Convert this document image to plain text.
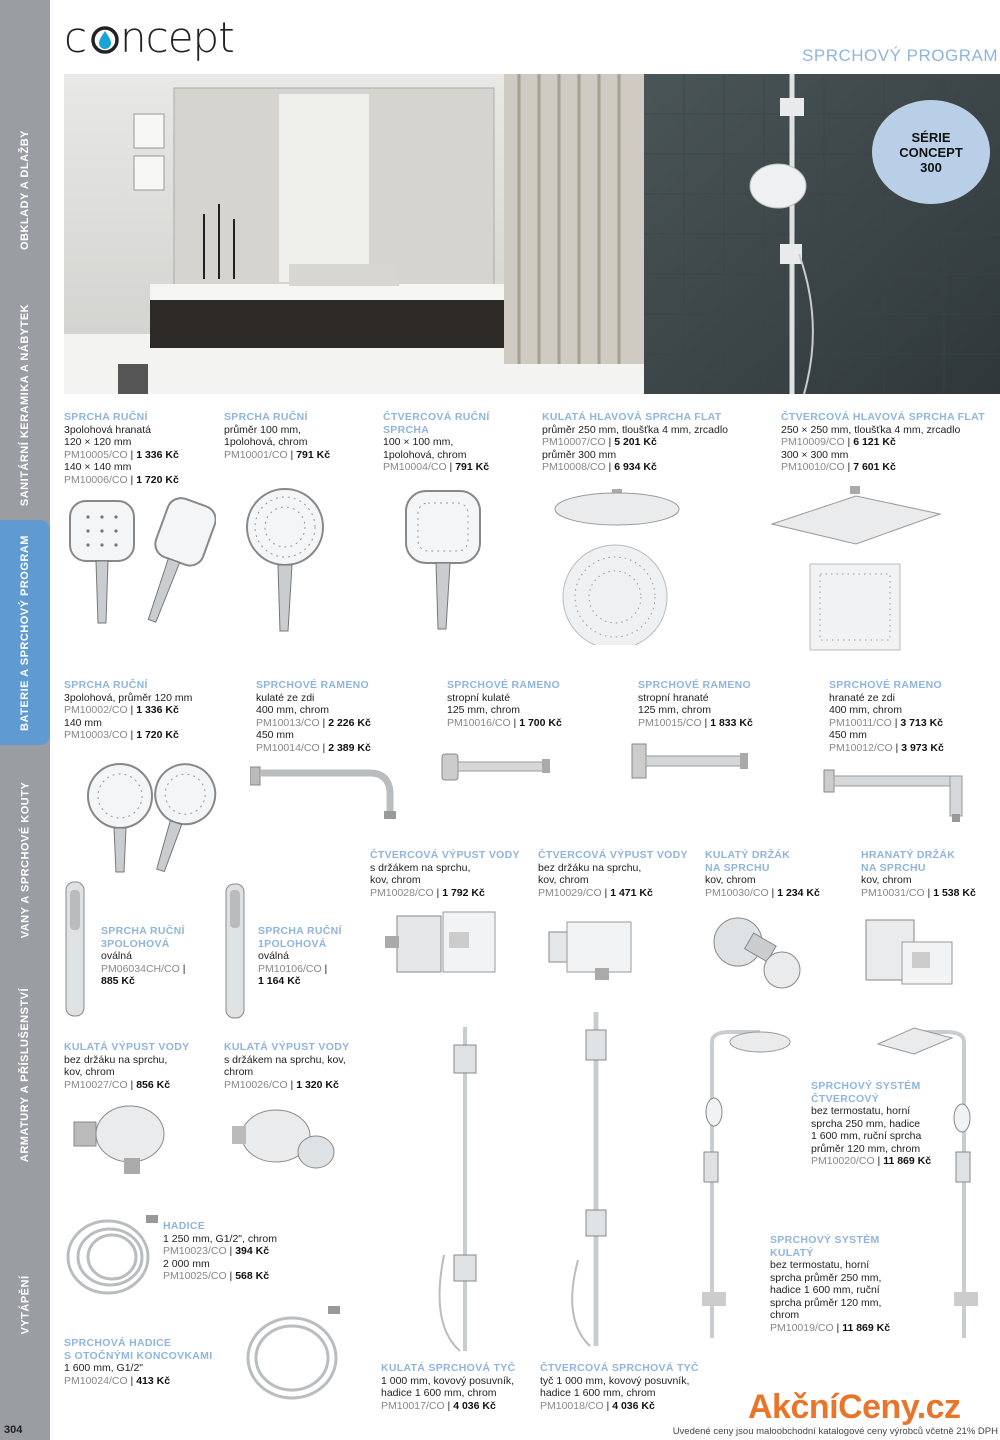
OBKLADY A DLAŽBY
SANITÁRNÍ KERAMIKA A NÁBYTEK
BATERIE A SPRCHOVÝ PROGRAM
VANY A SPRCHOVÉ KOUTY
ARMATURY A PŘÍSLUŠENSTVÍ
VYTÁPĚNÍ
c ncept	SPRCHOVÝ PROGRAM
SÉRIE
CONCEPT
300
SPRCHA RUČNÍ
3polohová hranatá
120 × 120 mm
PM10005/CO | 1 336 Kč
140 × 140 mm
PM10006/CO | 1 720 Kč
SPRCHA RUČNÍ
průměr 100 mm,
1polohová, chrom
PM10001/CO | 791 Kč
ČTVERCOVÁ RUČNÍ
SPRCHA
100 × 100 mm,
1polohová, chrom
PM10004/CO | 791 Kč
KULATÁ HLAVOVÁ SPRCHA FLAT
průměr 250 mm, tloušťka 4 mm, zrcadlo
PM10007/CO | 5 201 Kč
průměr 300 mm
PM10008/CO | 6 934 Kč
ČTVERCOVÁ HLAVOVÁ SPRCHA FLAT
250 × 250 mm, tloušťka 4 mm, zrcadlo
PM10009/CO | 6 121 Kč
300 × 300 mm
PM10010/CO | 7 601 Kč
SPRCHA RUČNÍ
3polohová, průměr 120 mm
PM10002/CO | 1 336 Kč
140 mm
PM10003/CO | 1 720 Kč
SPRCHOVÉ RAMENO
kulaté ze zdi
400 mm, chrom
PM10013/CO | 2 226 Kč
450 mm
PM10014/CO | 2 389 Kč
SPRCHOVÉ RAMENO
stropní kulaté
125 mm, chrom
PM10016/CO | 1 700 Kč
SPRCHOVÉ RAMENO
stropní hranaté
125 mm, chrom
PM10015/CO | 1 833 Kč
SPRCHOVÉ RAMENO
hranaté ze zdi
400 mm, chrom
PM10011/CO | 3 713 Kč
450 mm
PM10012/CO | 3 973 Kč
ČTVERCOVÁ VÝPUST VODY
s držákem na sprchu,
kov, chrom
PM10028/CO | 1 792 Kč
ČTVERCOVÁ VÝPUST VODY
bez držáku na sprchu,
kov, chrom
PM10029/CO | 1 471 Kč
KULATÝ DRŽÁK
NA SPRCHU
kov, chrom
PM10030/CO | 1 234 Kč
HRANATÝ DRŽÁK
NA SPRCHU
kov, chrom
PM10031/CO | 1 538 Kč
SPRCHA RUČNÍ
3POLOHOVÁ
oválná
PM06034CH/CO |
885 Kč
SPRCHA RUČNÍ
1POLOHOVÁ
oválná
PM10106/CO |
1 164 Kč
KULATÁ VÝPUST VODY
bez držáku na sprchu,
kov, chrom
PM10027/CO | 856 Kč
KULATÁ VÝPUST VODY
s držákem na sprchu, kov,
chrom
PM10026/CO | 1 320 Kč	SPRCHOVÝ SYSTÉM
ČTVERCOVÝ
bez termostatu, horní
sprcha 250 mm, hadice
1 600 mm, ruční sprcha
průměr 120 mm, chrom
PM10020/CO | 11 869 Kč
HADICE
1 250 mm, G1/2", chrom
PM10023/CO | 394 Kč
2 000 mm
PM10025/CO | 568 Kč
SPRCHOVÝ SYSTÉM
KULATÝ
bez termostatu, horní
sprcha průměr 250 mm,
hadice 1 600 mm, ruční
sprcha průměr 120 mm,
chrom
PM10019/CO | 11 869 Kč
SPRCHOVÁ HADICE
S OTOČNÝMI KONCOVKAMI
1 600 mm, G1/2"
PM10024/CO | 413 Kč
KULATÁ SPRCHOVÁ TYČ
1 000 mm, kovový posuvník,
hadice 1 600 mm, chrom
PM10017/CO | 4 036 Kč
ČTVERCOVÁ SPRCHOVÁ TYČ
tyč 1 000 mm, kovový posuvník,
hadice 1 600 mm, chrom
PM10018/CO | 4 036 Kč	AkčníCeny.cz
304	Uvedené ceny jsou maloobchodní katalogové ceny výrobců včetně 21% DPH
